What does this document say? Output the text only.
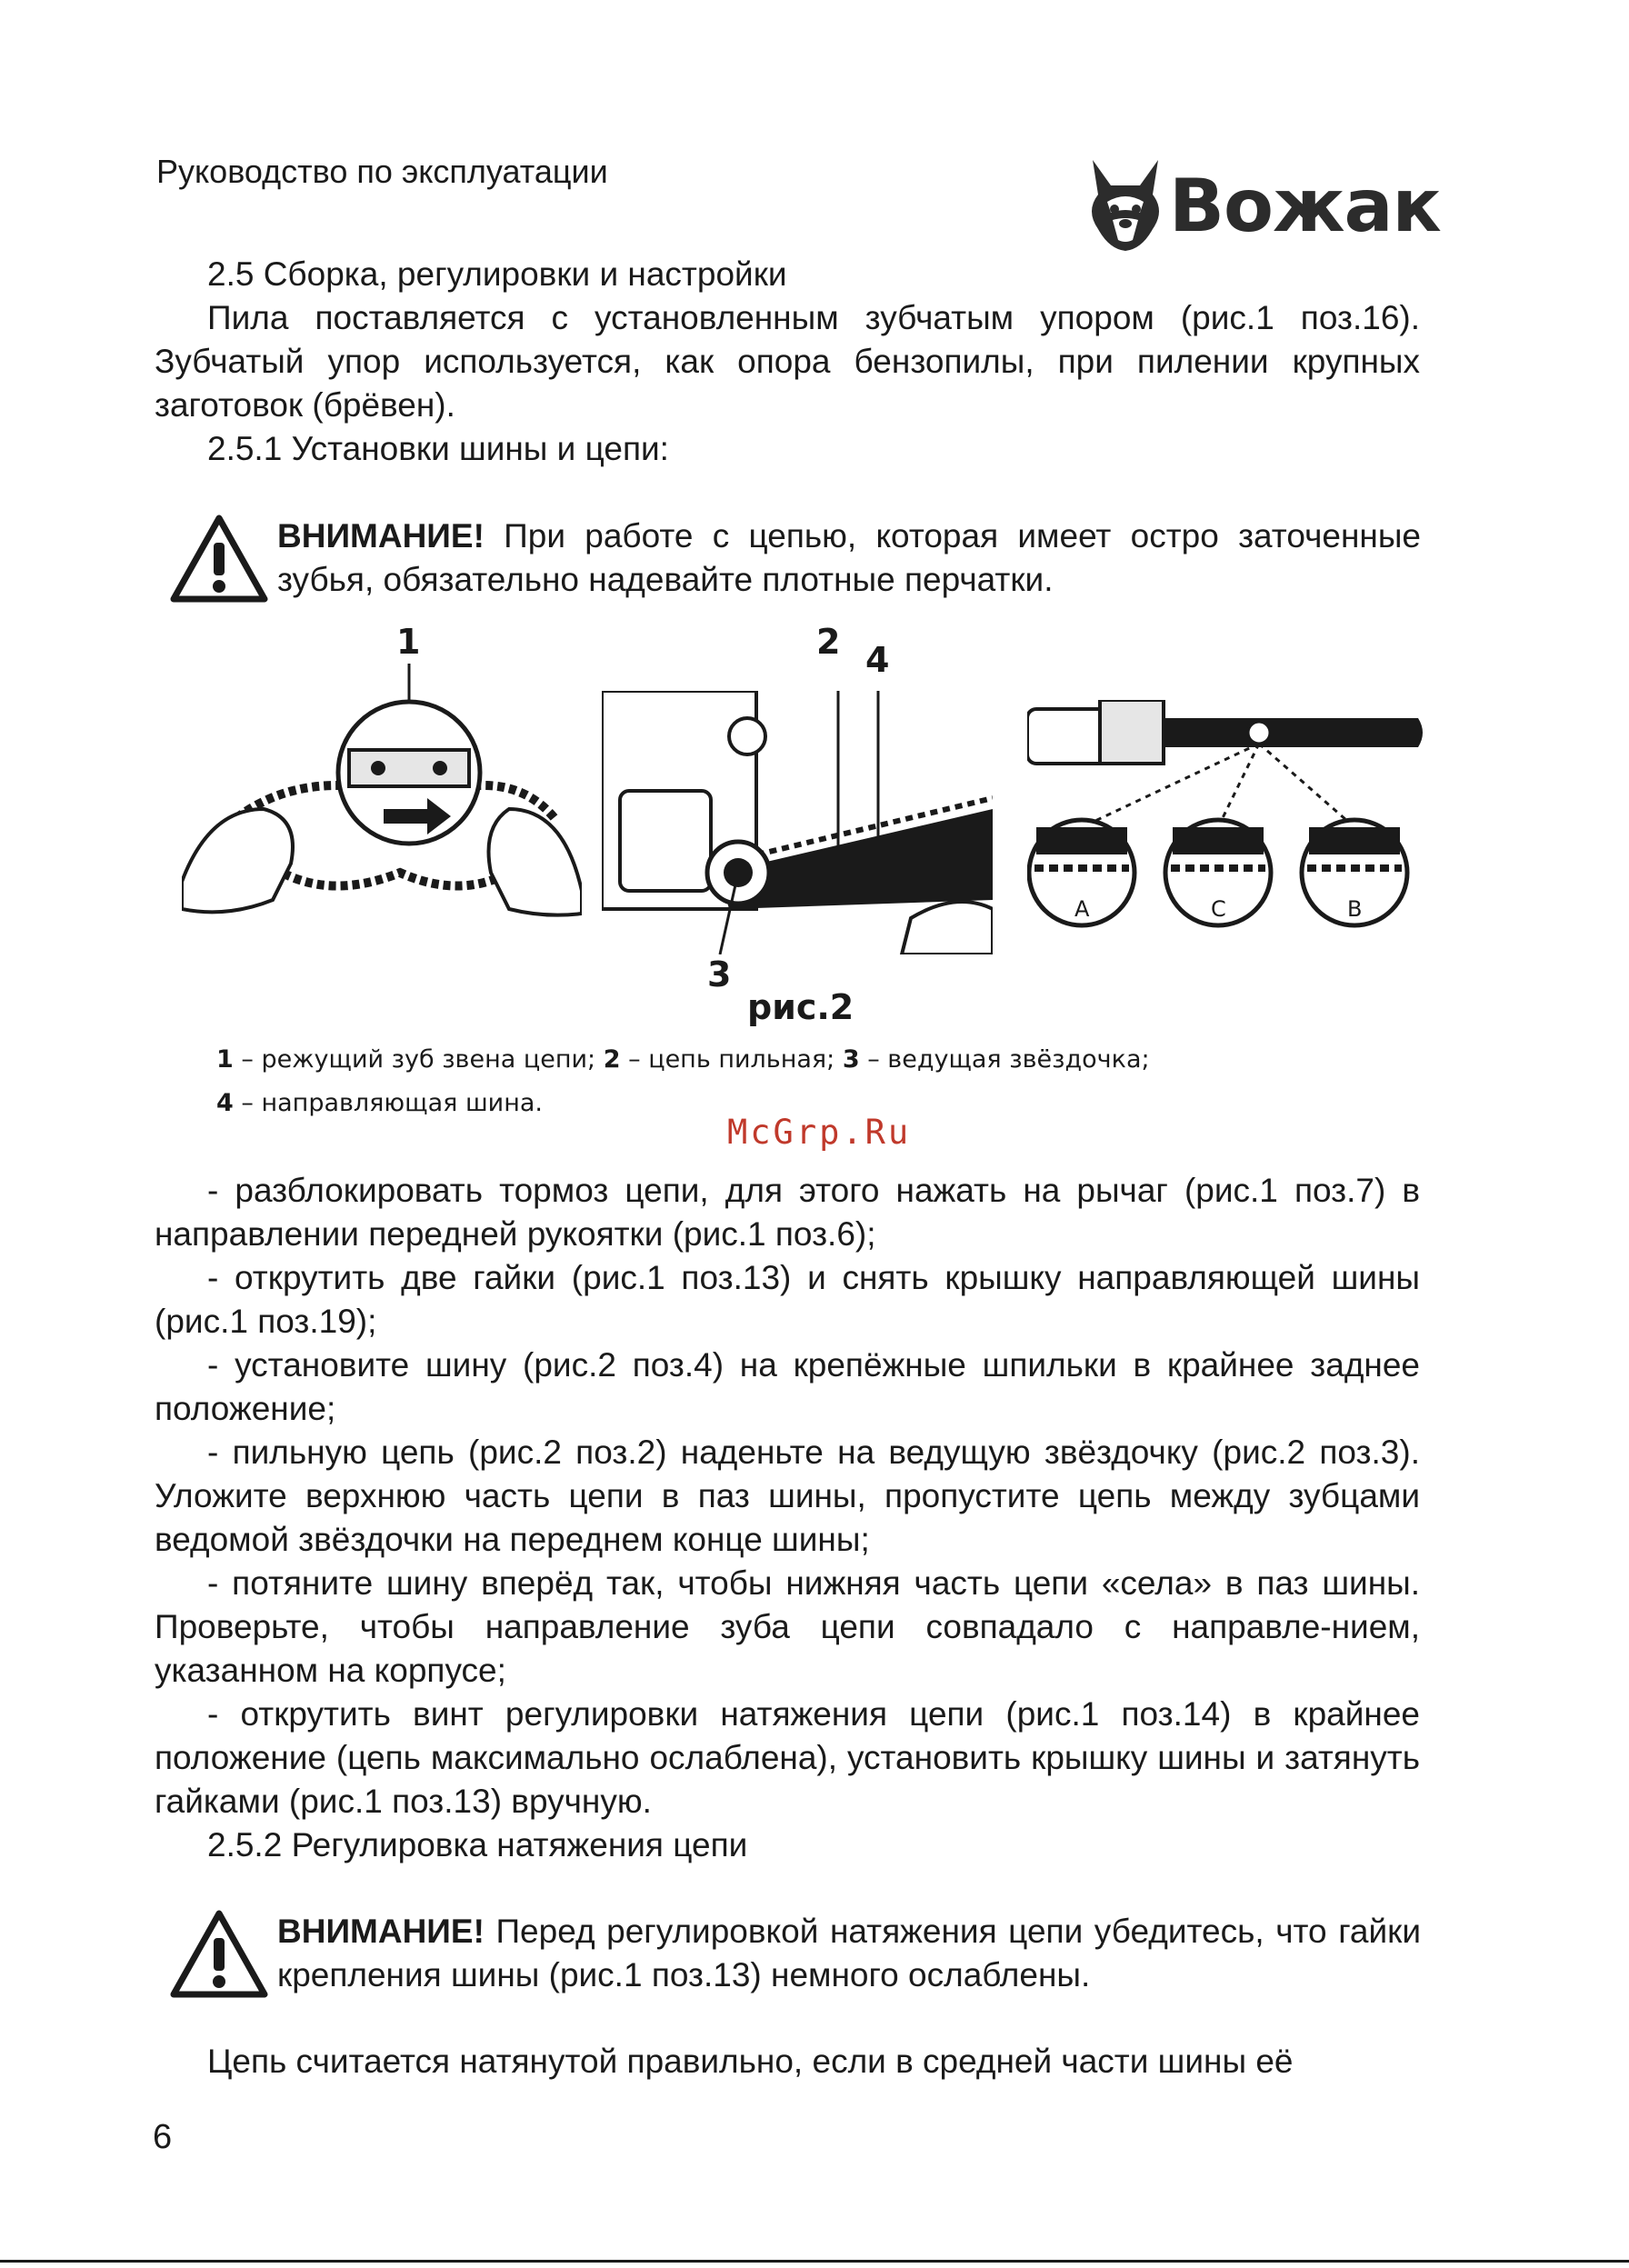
Руководство по эксплуатации	Вожак

2.5 Сборка, регулировки и настройки

Пила поставляется с установленным зубчатым упором (рис.1 поз.16). Зубчатый упор используется, как опора бензопилы, при пилении крупных заготовок (брёвен).

2.5.1 Установки шины и цепи:

ВНИМАНИЕ! При работе с цепью, которая имеет остро заточенные зубья, обязательно надевайте плотные перчатки.
1	2 4
3
A	C	B
рис.2
1 – режущий зуб звена цепи; 2 – цепь пильная; 3 – ведущая звёздочка;
4 – направляющая шина.
McGrp.Ru

- разблокировать тормоз цепи, для этого нажать на рычаг (рис.1 поз.7) в направлении передней рукоятки (рис.1 поз.6);

- открутить две гайки (рис.1 поз.13) и снять крышку направляющей шины (рис.1 поз.19);

- установите шину (рис.2 поз.4) на крепёжные шпильки в крайнее заднее положение;

- пильную цепь (рис.2 поз.2) наденьте на ведущую звёздочку (рис.2 поз.3). Уложите верхнюю часть цепи в паз шины, пропустите цепь между зубцами ведомой звёздочки на переднем конце шины;

- потяните шину вперёд так, чтобы нижняя часть цепи «села» в паз шины. Проверьте, чтобы направление зуба цепи совпадало с направле-нием, указанном на корпусе;

- открутить винт регулировки натяжения цепи (рис.1 поз.14) в крайнее положение (цепь максимально ослаблена), установить крышку шины и затянуть гайками (рис.1 поз.13) вручную.

2.5.2 Регулировка натяжения цепи

ВНИМАНИЕ! Перед регулировкой натяжения цепи убедитесь, что гайки крепления шины (рис.1 поз.13) немного ослаблены.

Цепь считается натянутой правильно, если в средней части шины её

6
